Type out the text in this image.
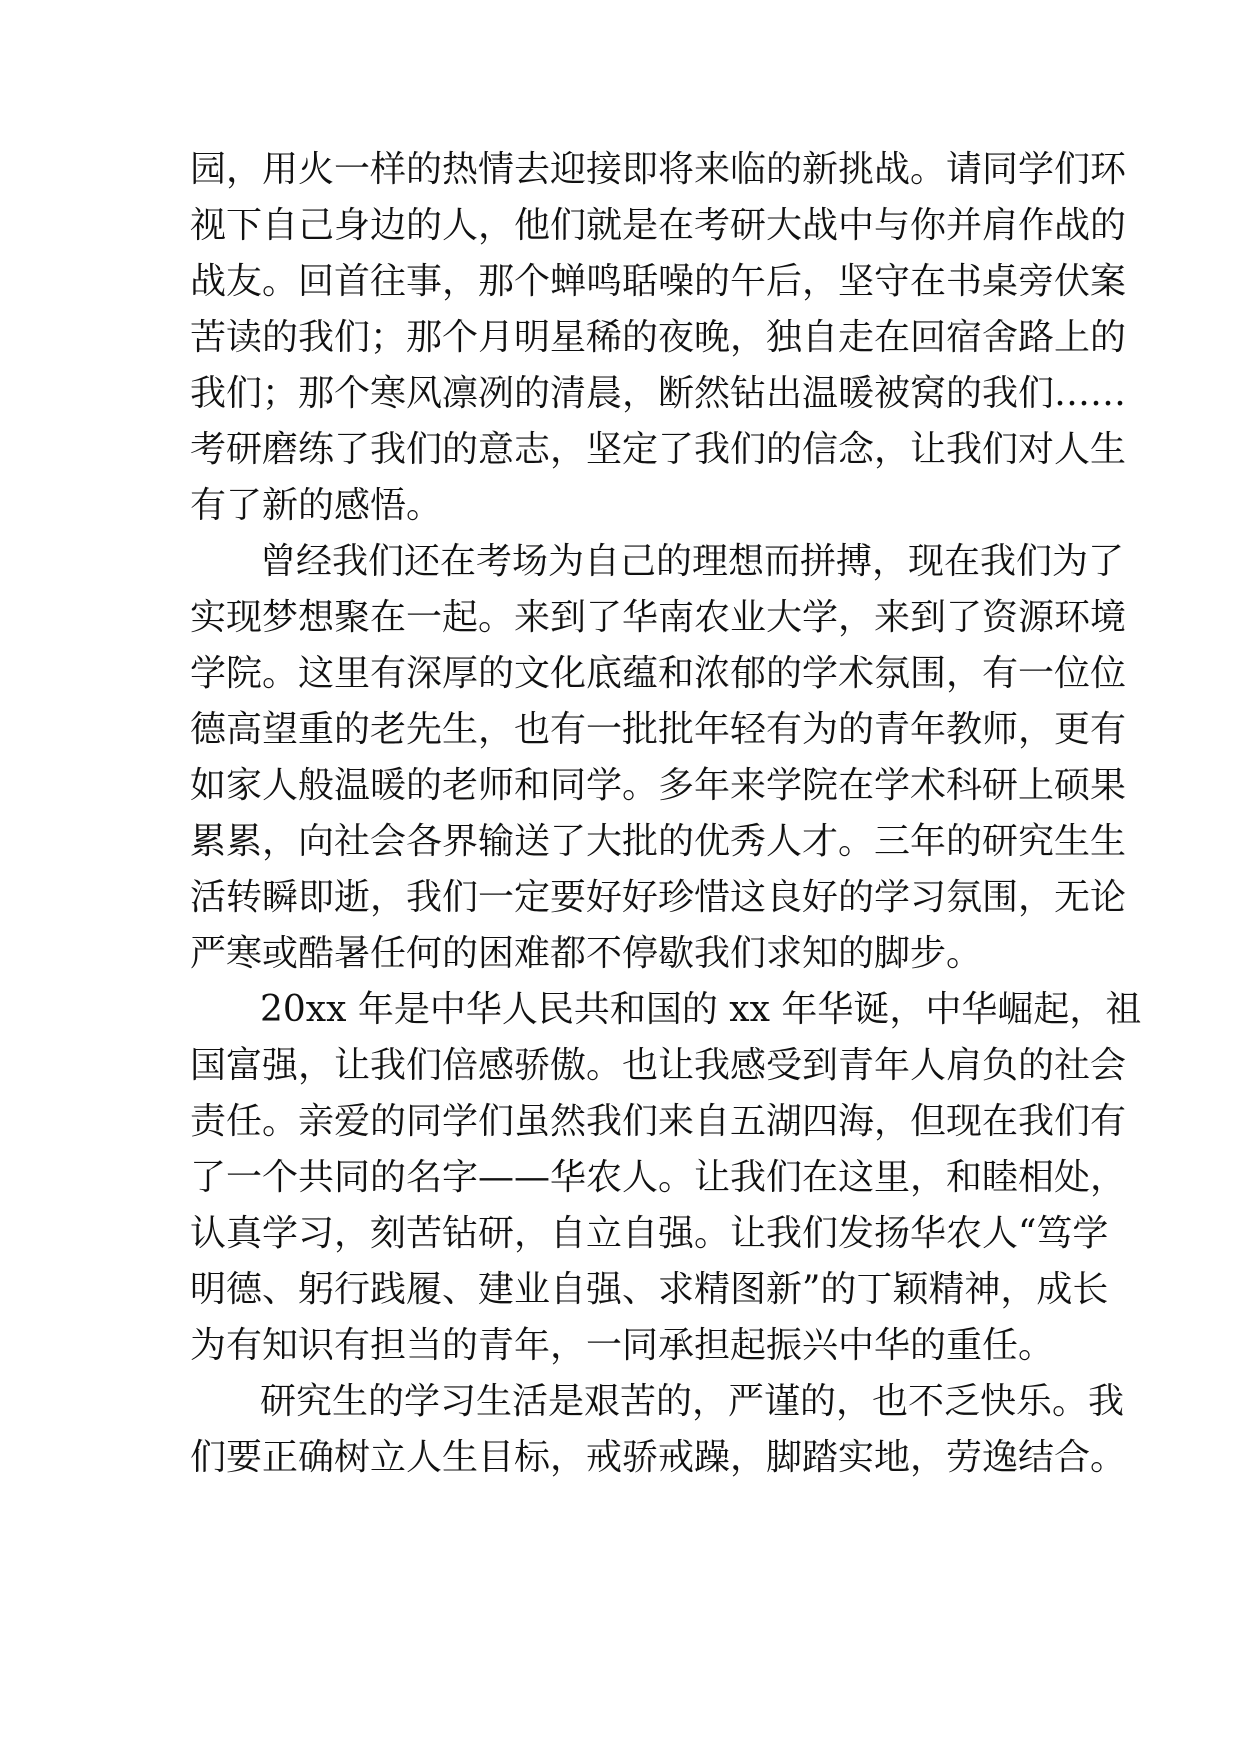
园，用火一样的热情去迎接即将来临的新挑战。请同学们环
视下自己身边的人，他们就是在考研大战中与你并肩作战的
战友。回首往事，那个蝉鸣聒噪的午后，坚守在书桌旁伏案
苦读的我们；那个月明星稀的夜晚，独自走在回宿舍路上的
我们；那个寒风凛冽的清晨，断然钻出温暖被窝的我们……
考研磨练了我们的意志，坚定了我们的信念，让我们对人生
有了新的感悟。
曾经我们还在考场为自己的理想而拼搏，现在我们为了
实现梦想聚在一起。来到了华南农业大学，来到了资源环境
学院。这里有深厚的文化底蕴和浓郁的学术氛围，有一位位
德高望重的老先生，也有一批批年轻有为的青年教师，更有
如家人般温暖的老师和同学。多年来学院在学术科研上硕果
累累，向社会各界输送了大批的优秀人才。三年的研究生生
活转瞬即逝，我们一定要好好珍惜这良好的学习氛围，无论
严寒或酷暑任何的困难都不停歇我们求知的脚步。
20xx 年是中华人民共和国的 xx 年华诞，中华崛起，祖
国富强，让我们倍感骄傲。也让我感受到青年人肩负的社会
责任。亲爱的同学们虽然我们来自五湖四海，但现在我们有
了一个共同的名字——华农人。让我们在这里，和睦相处，
认真学习，刻苦钻研，自立自强。让我们发扬华农人“笃学
明德、躬行践履、建业自强、求精图新”的丁颖精神，成长
为有知识有担当的青年，一同承担起振兴中华的重任。
研究生的学习生活是艰苦的，严谨的，也不乏快乐。我
们要正确树立人生目标，戒骄戒躁，脚踏实地，劳逸结合。
